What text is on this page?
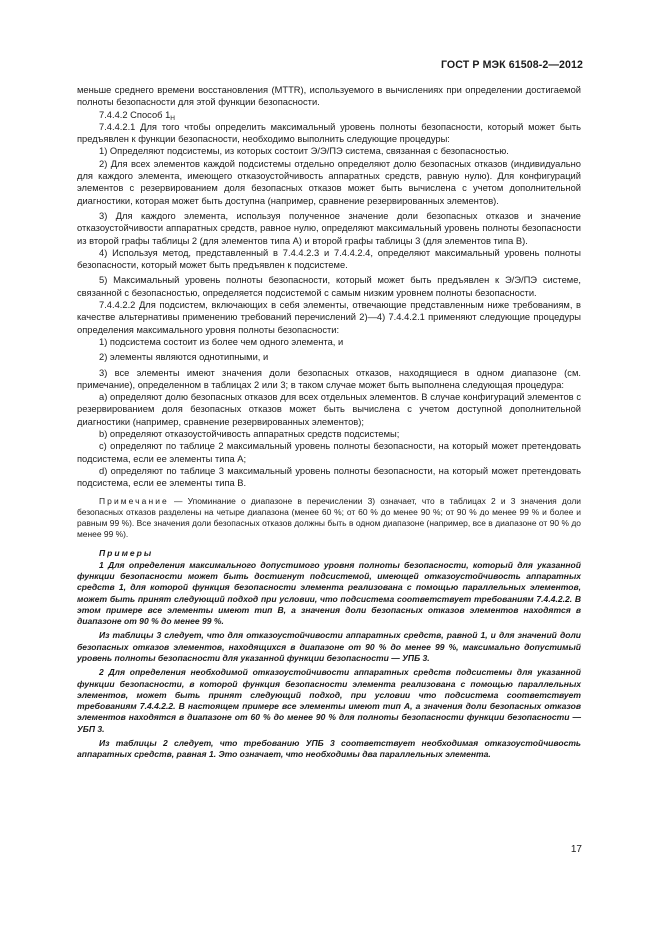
ГОСТ Р МЭК 61508-2—2012

меньше среднего времени восстановления (MTTR), используемого в вычислениях при определении достигаемой полноты безопасности для этой функции безопасности.

7.4.4.2 Способ $1_Н$

7.4.4.2.1 Для того чтобы определить максимальный уровень полноты безопасности, который может быть предъявлен к функции безопасности, необходимо выполнить следующие процедуры:

1) Определяют подсистемы, из которых состоит Э/Э/ПЭ система, связанная с безопасностью.

2) Для всех элементов каждой подсистемы отдельно определяют долю безопасных отказов (индивидуально для каждого элемента, имеющего отказоустойчивость аппаратных средств, равную нулю). Для конфигураций элементов с резервированием доля безопасных отказов может быть вычислена с учетом дополнительной диагностики, которая может быть доступна (например, сравнение резервированных элементов).

3) Для каждого элемента, используя полученное значение доли безопасных отказов и значение отказоустойчивости аппаратных средств, равное нулю, определяют максимальный уровень полноты безопасности из второй графы таблицы 2 (для элементов типа А) и второй графы таблицы 3 (для элементов типа В).

4) Используя метод, представленный в 7.4.4.2.3 и 7.4.4.2.4, определяют максимальный уровень полноты безопасности, который может быть предъявлен к подсистеме.

5) Максимальный уровень полноты безопасности, который может быть предъявлен к Э/Э/ПЭ системе, связанной с безопасностью, определяется подсистемой с самым низким уровнем полноты безопасности.

7.4.4.2.2 Для подсистем, включающих в себя элементы, отвечающие представленным ниже требованиям, в качестве альтернативы применению требований перечислений 2)—4) 7.4.4.2.1 применяют следующие процедуры определения максимального уровня полноты безопасности:

1) подсистема состоит из более чем одного элемента, и

2) элементы являются однотипными, и

3) все элементы имеют значения доли безопасных отказов, находящиеся в одном диапазоне (см. примечание), определенном в таблицах 2 или 3; в таком случае может быть выполнена следующая процедура:

a) определяют долю безопасных отказов для всех отдельных элементов. В случае конфигураций элементов с резервированием доля безопасных отказов может быть вычислена с учетом доступной дополнительной диагностики (например, сравнение резервированных элементов);

b) определяют отказоустойчивость аппаратных средств подсистемы;

c) определяют по таблице 2 максимальный уровень полноты безопасности, на который может претендовать подсистема, если ее элементы типа А;

d) определяют по таблице 3 максимальный уровень полноты безопасности, на который может претендовать подсистема, если ее элементы типа В.

Примечание — Упоминание о диапазоне в перечислении 3) означает, что в таблицах 2 и 3 значения доли безопасных отказов разделены на четыре диапазона (менее 60 %; от 60 % до менее 90 %; от 90 % до менее 99 % и более и равным 99 %). Все значения доли безопасных отказов должны быть в одном диапазоне (например, все в диапазоне от 90 % до менее 99 %).

Примеры

1 Для определения максимального допустимого уровня полноты безопасности, который для указанной функции безопасности может быть достигнут подсистемой, имеющей отказоустойчивость аппаратных средств 1, для которой функция безопасности элемента реализована с помощью параллельных элементов, может быть принят следующий подход при условии, что подсистема соответствует требованиям 7.4.4.2.2. В этом примере все элементы имеют тип В, а значения доли безопасных отказов элементов находятся в диапазоне от 90 % до менее 99 %.

Из таблицы 3 следует, что для отказоустойчивости аппаратных средств, равной 1, и для значений доли безопасных отказов элементов, находящихся в диапазоне от 90 % до менее 99 %, максимально допустимый уровень полноты безопасности для указанной функции безопасности — УПБ 3.

2 Для определения необходимой отказоустойчивости аппаратных средств подсистемы для указанной функции безопасности, в которой функция безопасности элемента реализована с помощью параллельных элементов, может быть принят следующий подход, при условии что подсистема соответствует требованиям 7.4.4.2.2. В настоящем примере все элементы имеют тип А, а значения доли безопасных отказов элементов находятся в диапазоне от 60 % до менее 90 % для полноты безопасности функции безопасности — УБП 3.

Из таблицы 2 следует, что требованию УПБ 3 соответствует необходимая отказоустойчивость аппаратных средств, равная 1. Это означает, что необходимы два параллельных элемента.

17
